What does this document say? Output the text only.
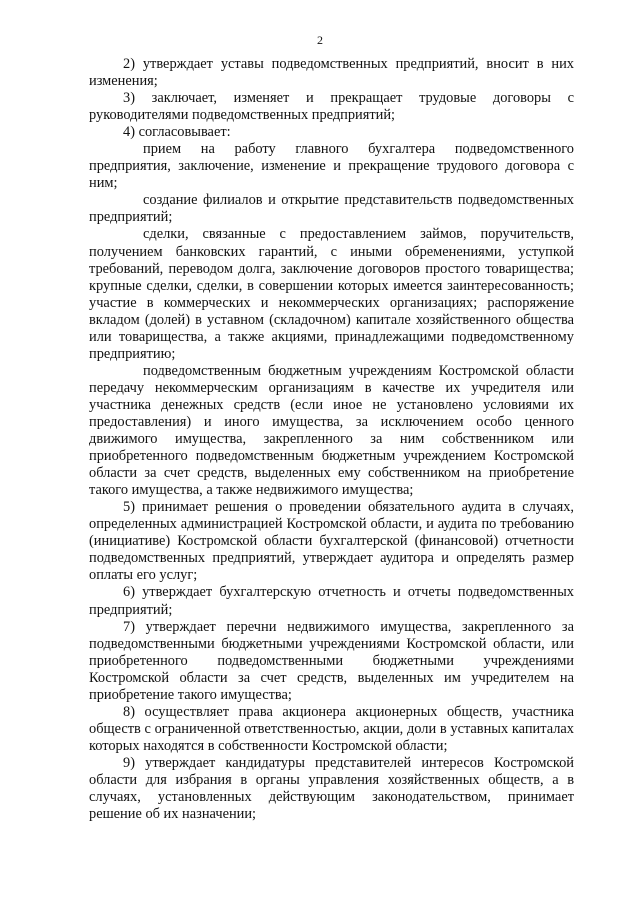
2

2) утверждает уставы подведомственных предприятий, вносит в них изменения;

3) заключает, изменяет и прекращает трудовые договоры с руководителями подведомственных предприятий;

4) согласовывает:

прием на работу главного бухгалтера подведомственного предприятия, заключение, изменение и прекращение трудового договора с ним;

создание филиалов и открытие представительств подведомственных предприятий;

сделки, связанные с предоставлением займов, поручительств, получением банковских гарантий, с иными обременениями, уступкой требований, переводом долга, заключение договоров простого товарищества; крупные сделки, сделки, в совершении которых имеется заинтересованность; участие в коммерческих и некоммерческих организациях; распоряжение вкладом (долей) в уставном (складочном) капитале хозяйственного общества или товарищества, а также акциями, принадлежащими подведомственному предприятию;

подведомственным бюджетным учреждениям Костромской области передачу некоммерческим организациям в качестве их учредителя или участника денежных средств (если иное не установлено условиями их предоставления) и иного имущества, за исключением особо ценного движимого имущества, закрепленного за ним собственником или приобретенного подведомственным бюджетным учреждением Костромской области за счет средств, выделенных ему собственником на приобретение такого имущества, а также недвижимого имущества;

5) принимает решения о проведении обязательного аудита в случаях, определенных администрацией Костромской области, и аудита по требованию (инициативе) Костромской области бухгалтерской (финансовой) отчетности подведомственных предприятий, утверждает аудитора и определять размер оплаты его услуг;

6) утверждает бухгалтерскую отчетность и отчеты подведомственных предприятий;

7) утверждает перечни недвижимого имущества, закрепленного за подведомственными бюджетными учреждениями Костромской области, или приобретенного подведомственными бюджетными учреждениями Костромской области за счет средств, выделенных им учредителем на приобретение такого имущества;

8) осуществляет права акционера акционерных обществ, участника обществ с ограниченной ответственностью, акции, доли в уставных капиталах которых находятся в собственности Костромской области;

9) утверждает кандидатуры представителей интересов Костромской области для избрания в органы управления хозяйственных обществ, а в случаях, установленных действующим законодательством, принимает решение об их назначении;
